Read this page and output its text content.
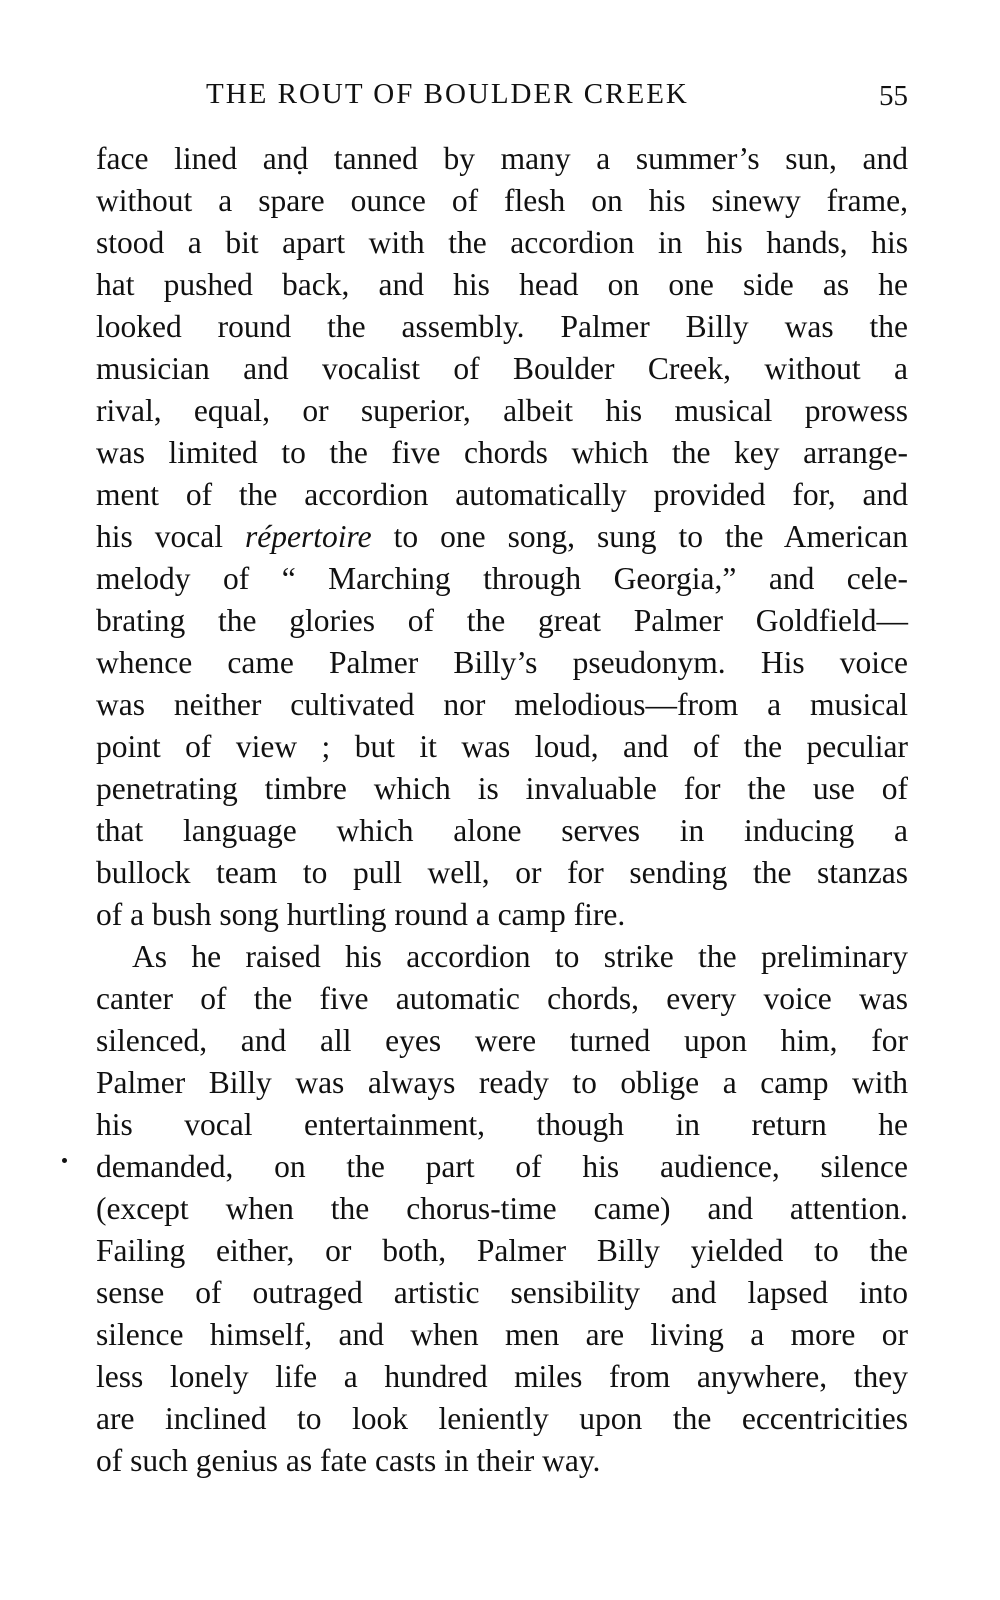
THE ROUT OF BOULDER CREEK	55
face lined anḍ tanned by many a summer’s sun, and
without a spare ounce of flesh on his sinewy frame,
stood a bit apart with the accordion in his hands, his
hat pushed back, and his head on one side as he
looked round the assembly. Palmer Billy was the
musician and vocalist of Boulder Creek, without a
rival, equal, or superior, albeit his musical prowess
was limited to the five chords which the key arrange-
ment of the accordion automatically provided for, and
his vocal répertoire to one song, sung to the American
melody of “ Marching through Georgia,” and cele-
brating the glories of the great Palmer Goldfield—
whence came Palmer Billy’s pseudonym. His voice
was neither cultivated nor melodious—from a musical
point of view ; but it was loud, and of the peculiar
penetrating timbre which is invaluable for the use of
that language which alone serves in inducing a
bullock team to pull well, or for sending the stanzas
of a bush song hurtling round a camp fire.
As he raised his accordion to strike the preliminary
canter of the five automatic chords, every voice was
silenced, and all eyes were turned upon him, for
Palmer Billy was always ready to oblige a camp with
his vocal entertainment, though in return he
demanded, on the part of his audience, silence
(except when the chorus-time came) and attention.
Failing either, or both, Palmer Billy yielded to the
sense of outraged artistic sensibility and lapsed into
silence himself, and when men are living a more or
less lonely life a hundred miles from anywhere, they
are inclined to look leniently upon the eccentricities
of such genius as fate casts in their way.
